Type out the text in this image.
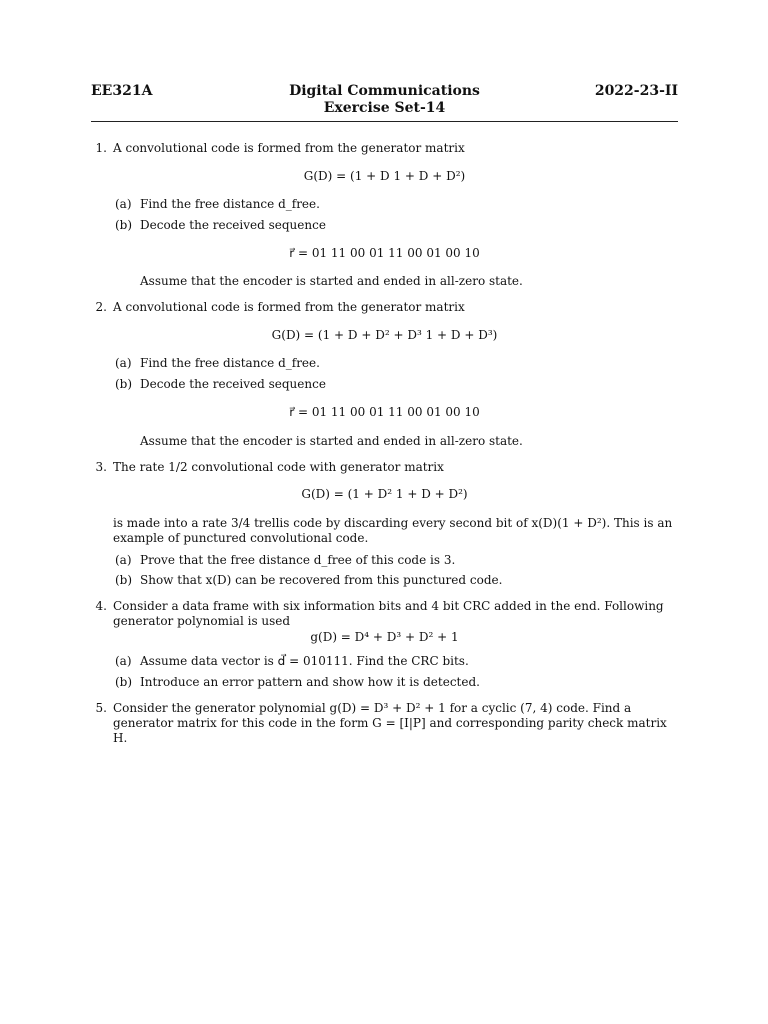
EE321A	Digital Communications
Exercise Set-14
2022-23-II
1. A convolutional code is formed from the generator matrix
G(D) = (1 + D 1 + D + D²)
(a) Find the free distance d_free.
(b) Decode the received sequence
r⃗ = 01 11 00 01 11 00 01 00 10
Assume that the encoder is started and ended in all-zero state.
2. A convolutional code is formed from the generator matrix
G(D) = (1 + D + D² + D³ 1 + D + D³)
(a) Find the free distance d_free.
(b) Decode the received sequence
r⃗ = 01 11 00 01 11 00 01 00 10
Assume that the encoder is started and ended in all-zero state.
3. The rate 1/2 convolutional code with generator matrix
G(D) = (1 + D² 1 + D + D²)
is made into a rate 3/4 trellis code by discarding every second bit of x(D)(1 + D²). This is an example of punctured convolutional code.
(a) Prove that the free distance d_free of this code is 3.
(b) Show that x(D) can be recovered from this punctured code.
4. Consider a data frame with six information bits and 4 bit CRC added in the end. Following generator polynomial is used
g(D) = D⁴ + D³ + D² + 1
(a) Assume data vector is d⃗ = 010111. Find the CRC bits.
(b) Introduce an error pattern and show how it is detected.
5. Consider the generator polynomial g(D) = D³ + D² + 1 for a cyclic (7, 4) code. Find a generator matrix for this code in the form G = [I|P] and corresponding parity check matrix H.
